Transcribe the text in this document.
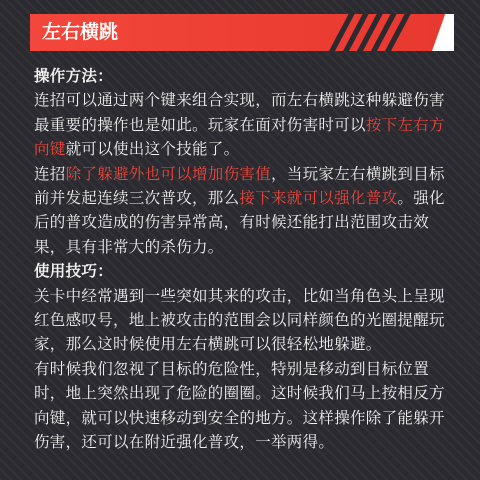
左右横跳

操作方法：

连招可以通过两个键来组合实现，而左右横跳这种躲避伤害最重要的操作也是如此。玩家在面对伤害时可以按下左右方向键就可以使出这个技能了。

连招除了躲避外也可以增加伤害值，当玩家左右横跳到目标前并发起连续三次普攻，那么接下来就可以强化普攻。强化后的普攻造成的伤害异常高，有时候还能打出范围攻击效果，具有非常大的杀伤力。

使用技巧：

关卡中经常遇到一些突如其来的攻击，比如当角色头上呈现红色感叹号，地上被攻击的范围会以同样颜色的光圈提醒玩家，那么这时候使用左右横跳可以很轻松地躲避。

有时候我们忽视了目标的危险性，特别是移动到目标位置时，地上突然出现了危险的圈圈。这时候我们马上按相反方向键，就可以快速移动到安全的地方。这样操作除了能躲开伤害，还可以在附近强化普攻，一举两得。
